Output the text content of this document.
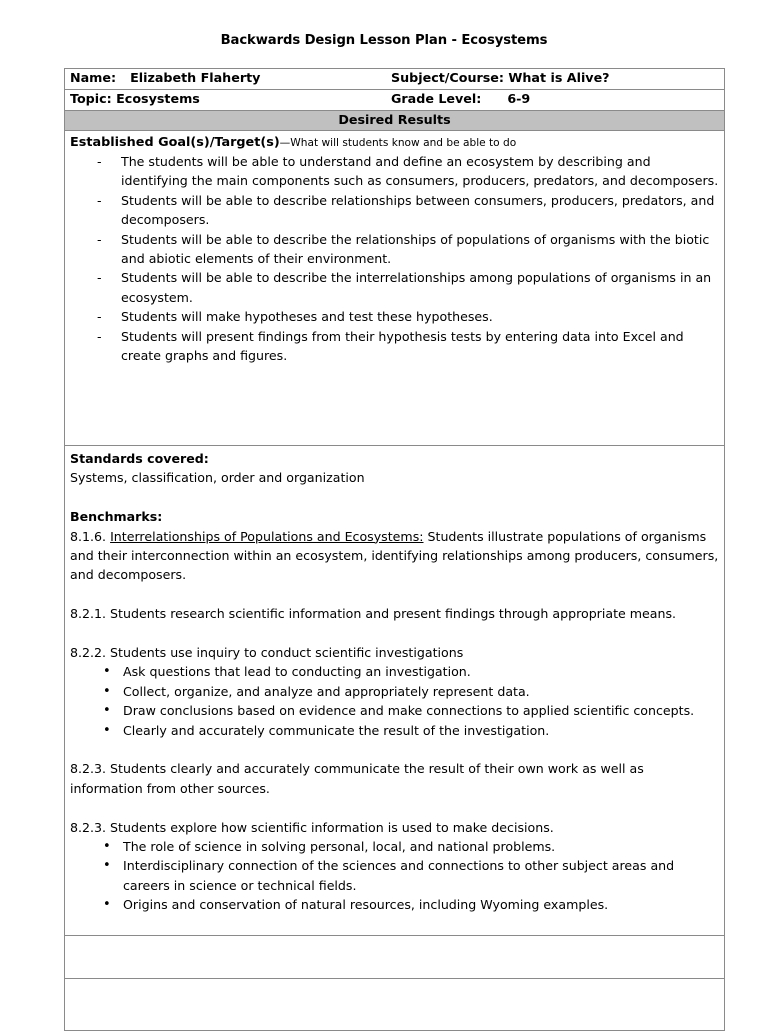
Backwards Design Lesson Plan - Ecosystems
Name: Elizabeth Flaherty	Subject/Course: What is Alive?
Topic: Ecosystems	Grade Level: 6-9
Desired Results
Established Goal(s)/Target(s)—What will students know and be able to do
- The students will be able to understand and define an ecosystem by describing and identifying the main components such as consumers, producers, predators, and decomposers.
- Students will be able to describe relationships between consumers, producers, predators, and decomposers.
- Students will be able to describe the relationships of populations of organisms with the biotic and abiotic elements of their environment.
- Students will be able to describe the interrelationships among populations of organisms in an ecosystem.
- Students will make hypotheses and test these hypotheses.
- Students will present findings from their hypothesis tests by entering data into Excel and create graphs and figures.

Standards covered:

Systems, classification, order and organization

Benchmarks:

8.1.6. Interrelationships of Populations and Ecosystems: Students illustrate populations of organisms and their interconnection within an ecosystem, identifying relationships among producers, consumers, and decomposers.

8.2.1. Students research scientific information and present findings through appropriate means.

8.2.2. Students use inquiry to conduct scientific investigations

• Ask questions that lead to conducting an investigation.
• Collect, organize, and analyze and appropriately represent data.
• Draw conclusions based on evidence and make connections to applied scientific concepts.
• Clearly and accurately communicate the result of the investigation.

8.2.3. Students clearly and accurately communicate the result of their own work as well as information from other sources.

8.2.3. Students explore how scientific information is used to make decisions.

• The role of science in solving personal, local, and national problems.
• Interdisciplinary connection of the sciences and connections to other subject areas and careers in science or technical fields.
• Origins and conservation of natural resources, including Wyoming examples.
